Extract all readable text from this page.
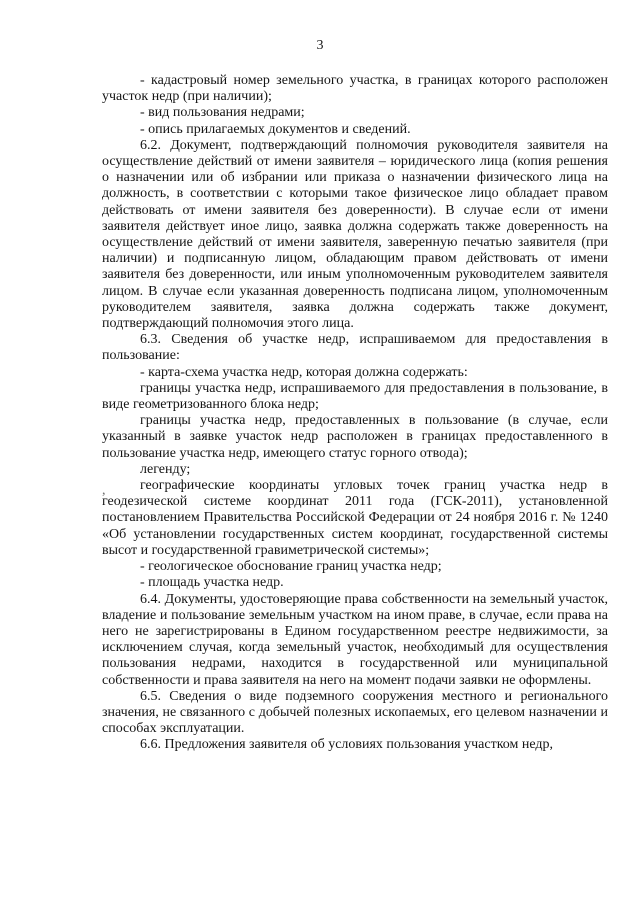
3

- кадастровый номер земельного участка, в границах которого расположен участок недр (при наличии);

- вид пользования недрами;

- опись прилагаемых документов и сведений.

6.2. Документ, подтверждающий полномочия руководителя заявителя на осуществление действий от имени заявителя – юридического лица (копия решения о назначении или об избрании или приказа о назначении физического лица на должность, в соответствии с которыми такое физическое лицо обладает правом действовать от имени заявителя без доверенности). В случае если от имени заявителя действует иное лицо, заявка должна содержать также доверенность на осуществление действий от имени заявителя, заверенную печатью заявителя (при наличии) и подписанную лицом, обладающим правом действовать от имени заявителя без доверенности, или иным уполномоченным руководителем заявителя лицом. В случае если указанная доверенность подписана лицом, уполномоченным руководителем заявителя, заявка должна содержать также документ, подтверждающий полномочия этого лица.

6.3. Сведения об участке недр, испрашиваемом для предоставления в пользование:

- карта-схема участка недр, которая должна содержать:

границы участка недр, испрашиваемого для предоставления в пользование, в виде геометризованного блока недр;

границы участка недр, предоставленных в пользование (в случае, если указанный в заявке участок недр расположен в границах предоставленного в пользование участка недр, имеющего статус горного отвода);

легенду;

географические координаты угловых точек границ участка недр в геодезической системе координат 2011 года (ГСК-2011), установленной постановлением Правительства Российской Федерации от 24 ноября 2016 г. № 1240 «Об установлении государственных систем координат, государственной системы высот и государственной гравиметрической системы»;

- геологическое обоснование границ участка недр;

- площадь участка недр.

6.4. Документы, удостоверяющие права собственности на земельный участок, владение и пользование земельным участком на ином праве, в случае, если права на него не зарегистрированы в Едином государственном реестре недвижимости, за исключением случая, когда земельный участок, необходимый для осуществления пользования недрами, находится в государственной или муниципальной собственности и права заявителя на него на момент подачи заявки не оформлены.

6.5. Сведения о виде подземного сооружения местного и регионального значения, не связанного с добычей полезных ископаемых, его целевом назначении и способах эксплуатации.

6.6. Предложения заявителя об условиях пользования участком недр,

,
